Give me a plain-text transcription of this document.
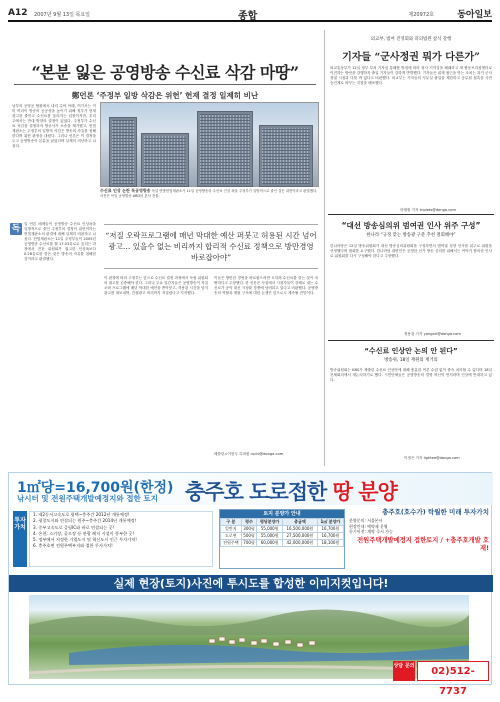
A12 2007년 9월 13일 목요일	종합	제20972호	동아일보
“본분 잃은 공영방송 수신료 삭감 마땅”
鄭언론 ‘주정부 일방 삭감은 위헌’ 헌재 결정 일제히 비난
남부의 공영공 협원에서 내리 수야 아래, 여기서는 이미 여러이 방송의 공공성을 높이기 위해 정부가 현재 광고를 줄이고 수신료를 올리자는 입장이지만, 우리 주에서는 반대 방향의 결정이 있었다. 주정부가 수신료 삭감을 결정하자 방송사가 소송을 제기했고, 헌법재판소는 주정부의 일방적 삭감은 방송의 자유를 침해한다며 위헌 판정을 내렸다. 그러나 언론은 이 결정을 두고 공영방송이 본분을 잃었다며 일제히 비난하고 나섰다.
수신료 인상 논란 독공영방송 독일 연방헌법재판소가 11일 공영방송의 수신료 인상 폭을 주정부가 일방적으로 줄인 것은 위헌이라고 판결했다. 사진은 독일 공영방송 ARD의 본사 건물.
독	일 언론 매체들이 공영방송 수신료 인상폭을 일방적으로 줄인 주정부의 결정이 위헌이라는 헌법재판소의 판결에 대해 일제히 비판하고 나섰다. 헌법재판소는 11일 주정부들이 2005년 공영방송 수신료를 월 17.03유로로 올리는 과정에서 전문 위원회가 권고한 인상폭보다 0.28유로를 깎은 것은 방송의 자유를 침해한 것이라고 판결했다.
“저질 오락프로그램에 매년 막대한 예산 퍼붓고 허용된 시간 넘어 광고… 있을수 없는 비리까지 합리적 수신료 정책으로 방만경영 바로잡아야”
이 판결에 따라 주정부는 앞으로 수신료 결정 과정에서 독립 위원회의 권고를 존중해야 한다. 그러나 주요 일간지들은 공영방송이 저질 오락 프로그램에 매년 막대한 예산을 쏟아붓고, 허용된 시간을 넘겨 광고를 내보내며, 간접광고 비리까지 저질렀다고 지적했다.
이들은 방만한 경영을 바로잡으려면 오히려 수신료를 깎는 것이 마땅하다고 주장했다. 한 신문은 사설에서 시청자들이 강제로 내는 수신료가 공익 대신 시청률 경쟁에 낭비되고 있다고 비판했다. 공영방송의 역할과 재원 구조에 대한 논쟁은 앞으로도 계속될 전망이다.
베를린=이현두 특파원 ruchi@donga.com
외교부, 범여 진영회와 피의법원 참석 강행
기자들 “군사정권 뭐가 다른가”
외교통상부가 12일 정부 부처 기자실 통폐합 방침에 따라 청사 기자실을 폐쇄하고 새 합동브리핑센터로 이전하는 방안을 강행하자 출입 기자들이 강하게 반발했다. 기자들은 취재 접근을 막는 조치는 과거 군사정권 시절과 다를 바 없다고 비판했다. 외교부는 기자들의 사무실 출입을 제한하고 공무원 접촉을 사전 승인제로 바꾸는 지침을 배포했다.
하태원 기자 triplets@donga.com
“대선 방송심의위 범여권 인사 위주 구성”
한나라 “규정 맞는 방송광 구분 추천 철회해야”
한나라당은 12일 방송위원회가 대선 방송심의위원회를 구성하면서 범여권 성향 인사를 위주로 위원을 선정했다며 철회를 요구했다. 한나라당 대변인은 공정한 선거 방송 심의를 위해서는 여야가 합의한 인사로 위원회를 다시 구성해야 한다고 주장했다.
정용관 기자 yongari@donga.com
“수신료 인상안 논의 안 된다”
방송위, 18일 재원의 재거의
방송위원회는 KBS가 제출한 수신료 인상안에 대해 충분한 여론 수렴 없이 졸속 처리할 수 없다며 18일 전체회의에서 재논의하기로 했다. 시민단체들은 공영방송의 경영 혁신이 먼저라며 인상에 반대하고 있다.
이정은 기자 lightee@donga.com
1㎡당=16,700원(한정)
낚시터 및 전원주택개발예정지와 접한 토지 충주호 도로접한 땅 분양
투자가치
1. 제2동서고속도로 평택~충주간 2012년 개통예정!
2. 평창도시와 연결되는 원주~충주간 2014년 개통예정!
3. 중부고속도로 증평IC와 바로 연결되는 곳!
4. 온천, 스키장, 골프장 등 관광 레저 시설이 풍부한 곳!
5. 정부에서 지정한 기업도시 및 혁신도시 인근 투자가치!
6. 충주호변 전원주택부지와 접한 투자가치!
토지 분양가 안내
구 분	평수	평당분양가	총금액	1㎡ 분양가
일반지	300평	55,000원	16,500,000원	16,700원
도로변	500평	55,000원	27,500,000원	16,700원
전원주택	700평	60,000원	42,000,000원	18,100원
충주호(호수가) 탁월한 미래 투자가치
분양문의: 서울본사
현장안내: 예약제 운영
등기이전: 계약 즉시 가능
전원주택개발예정지 접한토지 / +충주호개발 호재!
실제 현장(토지)사진에 투시도를 합성한 이미지컷입니다!
상담 문의	02)512-7737
